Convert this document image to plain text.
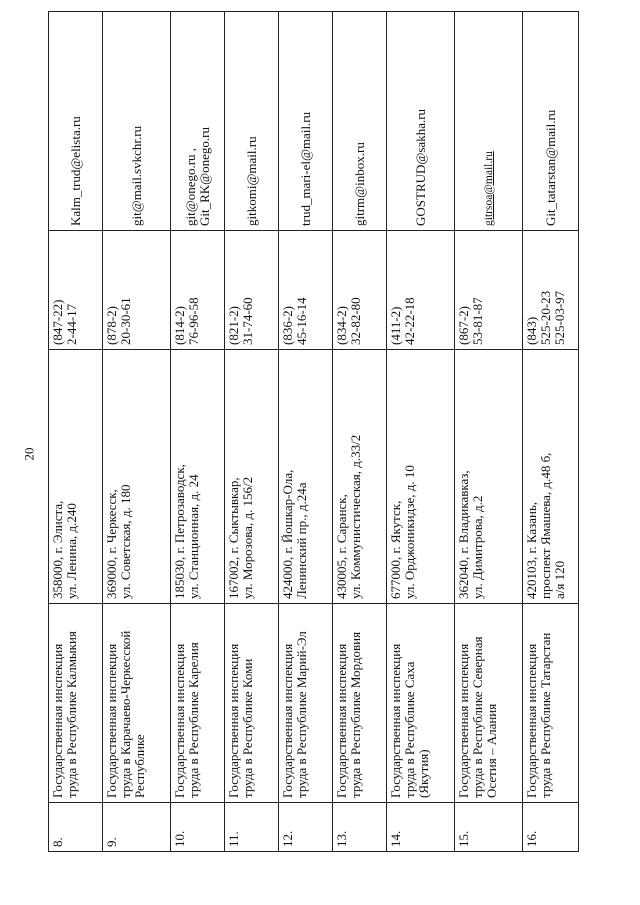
20
8.	Государственная инспекция труда в Республике Калмыкия	358000, г. Элиста, ул. Ленина, д.240	(847-22) 2-44-17	Kalm_trud@elista.ru

9.	Государственная инспекция труда в Карачаево-Черкесской Республике	369000, г. Черкесск, ул. Советская, д. 180	(878-2) 20-30-61	git@mail.svkchr.ru

10.	Государственная инспекция труда в Республике Карелия	185030, г. Петрозаводск, ул. Станционная, д. 24	(814-2) 76-96-58	git@onego.ru , Git_RK@onego.ru

11.	Государственная инспекция труда в Республике Коми	167002, г. Сыктывкар, ул. Морозова, д. 156/2	(821-2) 31-74-60	gitkomi@mail.ru

12.	Государственная инспекция труда в Республике Марий-Эл	424000, г. Йошкар-Ола, Ленинский пр., д.24а	(836-2) 45-16-14	trud_mari-el@mail.ru

13.	Государственная инспекция труда в Республике Мордовия	430005, г. Саранск, ул. Коммунистическая, д.33/2	(834-2) 32-82-80	gitrm@inbox.ru

14.	Государственная инспекция труда в Республике Саха (Якутия)	677000, г. Якутск, ул. Орджоникидзе, д. 10	(411-2) 42-22-18	GOSTRUD@sakha.ru

15.	Государственная инспекция труда в Республике Северная Осетия – Алания	362040, г. Владикавказ, ул. Димитрова, д.2	(867-2) 53-81-87	gitrsoa@mail.ru

16.	Государственная инспекция труда в Республике Татарстан	420103, г. Казань, проспект Ямашева, д.48 б, а/я 120	(843) 525-20-23 525-03-97	Git_tatarstan@mail.ru
